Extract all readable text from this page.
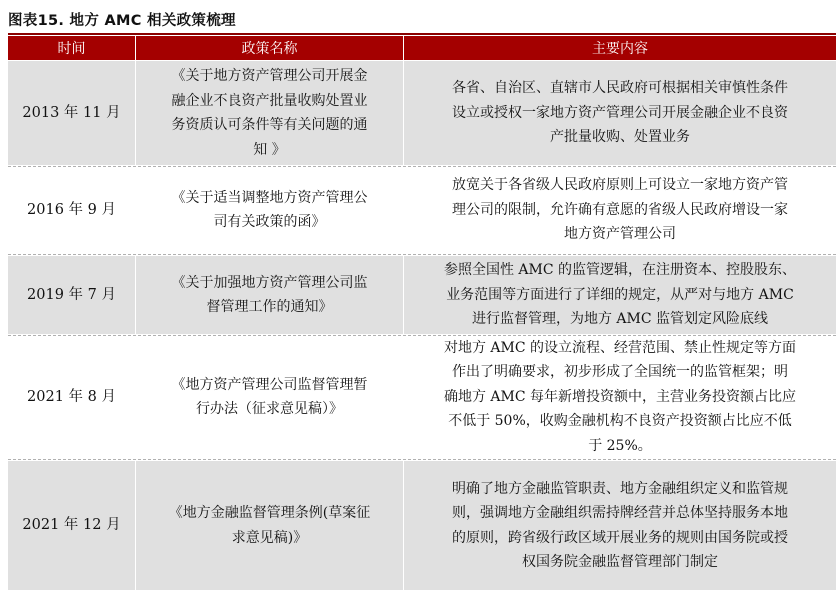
图表15. 地方 AMC 相关政策梳理
时间	政策名称	主要内容
2013 年 11 月
《关于地方资产管理公司开展金
融企业不良资产批量收购处置业
务资质认可条件等有关问题的通
知 》
各省、自治区、直辖市人民政府可根据相关审慎性条件
设立或授权一家地方资产管理公司开展金融企业不良资
产批量收购、处置业务
2016 年 9 月
《关于适当调整地方资产管理公
司有关政策的函》
放宽关于各省级人民政府原则上可设立一家地方资产管
理公司的限制，允许确有意愿的省级人民政府增设一家
地方资产管理公司
2019 年 7 月
《关于加强地方资产管理公司监
督管理工作的通知》
参照全国性 AMC 的监管逻辑，在注册资本、控股股东、
业务范围等方面进行了详细的规定，从严对与地方 AMC
进行监督管理，为地方 AMC 监管划定风险底线
2021 年 8 月
《地方资产管理公司监督管理暂
行办法（征求意见稿）》
对地方 AMC 的设立流程、经营范围、禁止性规定等方面
作出了明确要求，初步形成了全国统一的监管框架；明
确地方 AMC 每年新增投资额中，主营业务投资额占比应
不低于 50%，收购金融机构不良资产投资额占比应不低
于 25%。
2021 年 12 月
《地方金融监督管理条例(草案征
求意见稿)》
明确了地方金融监管职责、地方金融组织定义和监管规
则，强调地方金融组织需持牌经营并总体坚持服务本地
的原则，跨省级行政区域开展业务的规则由国务院或授
权国务院金融监督管理部门制定
